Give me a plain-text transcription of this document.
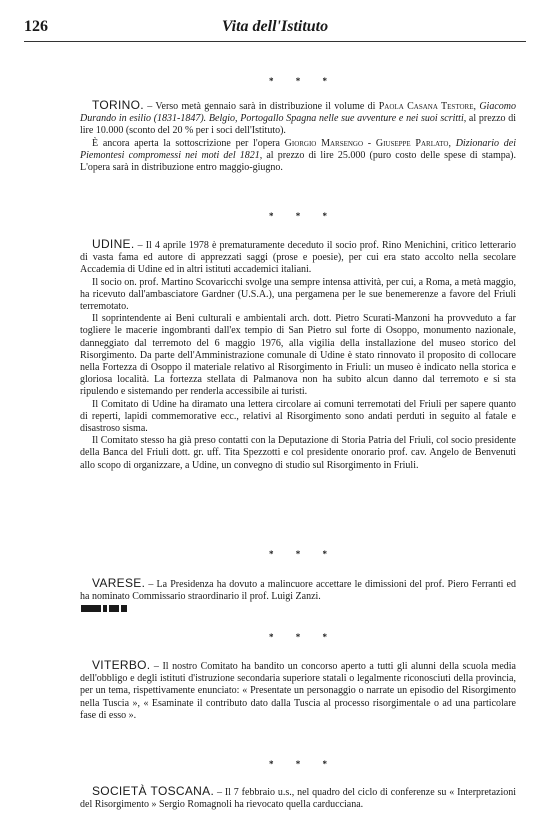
126	Vita dell'Istituto
* * *

TORINO. – Verso metà gennaio sarà in distribuzione il volume di Paola Casana Testore, Giacomo Durando in esilio (1831-1847). Belgio, Portogallo Spagna nelle sue avventure e nei suoi scritti, al prezzo di lire 10.000 (sconto del 20 % per i soci dell'Istituto).

È ancora aperta la sottoscrizione per l'opera Giorgio Marsengo - Giuseppe Parlato, Dizionario dei Piemontesi compromessi nei moti del 1821, al prezzo di lire 25.000 (puro costo delle spese di stampa). L'opera sarà in distribuzione entro maggio-giugno.

* * *

UDINE. – Il 4 aprile 1978 è prematuramente deceduto il socio prof. Rino Menichini, critico letterario di vasta fama ed autore di apprezzati saggi (prose e poesie), per cui era stato accolto nella secolare Accademia di Udine ed in altri istituti accademici italiani.

Il socio on. prof. Martino Scovaricchi svolge una sempre intensa attività, per cui, a Roma, a metà maggio, ha ricevuto dall'ambasciatore Gardner (U.S.A.), una pergamena per le sue benemerenze a favore del Friuli terremotato.

Il soprintendente ai Beni culturali e ambientali arch. dott. Pietro Scurati-Manzoni ha provveduto a far togliere le macerie ingombranti dall'ex tempio di San Pietro sul forte di Osoppo, monumento nazionale, danneggiato dal terremoto del 6 maggio 1976, alla vigilia della installazione del museo storico del Risorgimento. Da parte dell'Amministrazione comunale di Udine è stato rinnovato il proposito di collocare nella Fortezza di Osoppo il materiale relativo al Risorgimento in Friuli: un museo è indicato nella storica e gloriosa località. La fortezza stellata di Palmanova non ha subito alcun danno dal terremoto e si sta ripulendo e sistemando per renderla accessibile ai turisti.

Il Comitato di Udine ha diramato una lettera circolare ai comuni terremotati del Friuli per sapere quanto di reperti, lapidi commemorative ecc., relativi al Risorgimento sono andati perduti in seguito al fatale e disastroso sisma.

Il Comitato stesso ha già preso contatti con la Deputazione di Storia Patria del Friuli, col socio presidente della Banca del Friuli dott. gr. uff. Tita Spezzotti e col presidente onorario prof. cav. Angelo de Benvenuti allo scopo di organizzare, a Udine, un convegno di studio sul Risorgimento in Friuli.

* * *

VARESE. – La Presidenza ha dovuto a malincuore accettare le dimissioni del prof. Piero Ferranti ed ha nominato Commissario straordinario il prof. Luigi Zanzi.

* * *

VITERBO. – Il nostro Comitato ha bandito un concorso aperto a tutti gli alunni della scuola media dell'obbligo e degli istituti d'istruzione secondaria superiore statali o legalmente riconosciuti della provincia, per un tema, rispettivamente enunciato: « Presentate un personaggio o narrate un episodio del Risorgimento nella Tuscia », « Esaminate il contributo dato dalla Tuscia al processo risorgimentale o ad una particolare fase di esso ».

* * *

SOCIETÀ TOSCANA. – Il 7 febbraio u.s., nel quadro del ciclo di conferenze su « Interpretazioni del Risorgimento » Sergio Romagnoli ha rievocato quella carducciana.
